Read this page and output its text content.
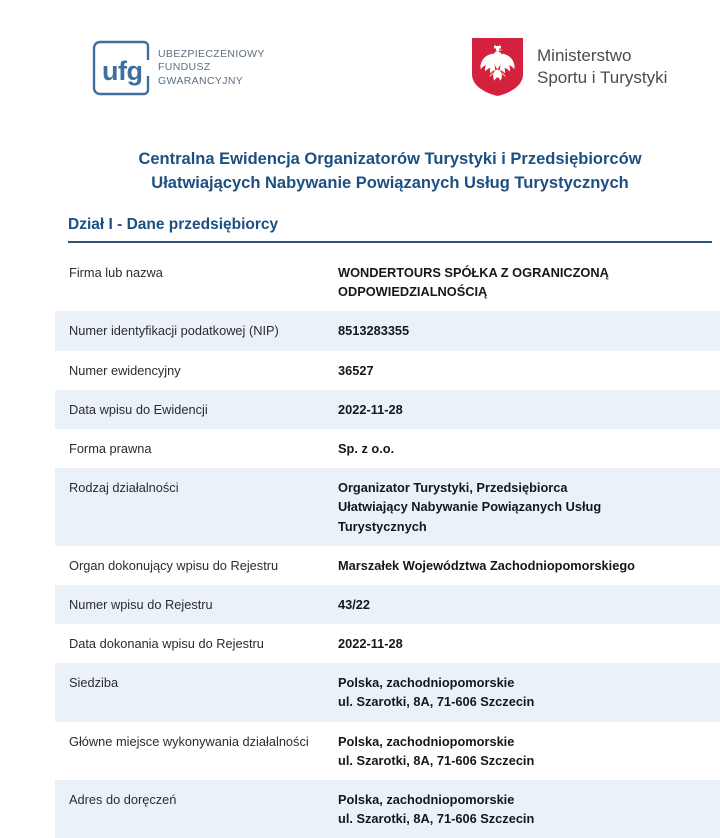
ufg
UBEZPIECZENIOWY
FUNDUSZ
GWARANCYJNY
Ministerstwo
Sportu i Turystyki
Centralna Ewidencja Organizatorów Turystyki i Przedsiębiorców
Ułatwiających Nabywanie Powiązanych Usług Turystycznych
Dział I - Dane przedsiębiorcy
Firma lub nazwa	WONDERTOURS SPÓŁKA Z OGRANICZONĄ
ODPOWIEDZIALNOŚCIĄ
Numer identyfikacji podatkowej (NIP)	8513283355
Numer ewidencyjny	36527
Data wpisu do Ewidencji	2022-11-28
Forma prawna	Sp. z o.o.
Rodzaj działalności	Organizator Turystyki, Przedsiębiorca
Ułatwiający Nabywanie Powiązanych Usług
Turystycznych
Organ dokonujący wpisu do Rejestru	Marszałek Województwa Zachodniopomorskiego
Numer wpisu do Rejestru	43/22
Data dokonania wpisu do Rejestru	2022-11-28
Siedziba	Polska, zachodniopomorskie
ul. Szarotki, 8A, 71-606 Szczecin
Główne miejsce wykonywania działalności	Polska, zachodniopomorskie
ul. Szarotki, 8A, 71-606 Szczecin
Adres do doręczeń	Polska, zachodniopomorskie
ul. Szarotki, 8A, 71-606 Szczecin
